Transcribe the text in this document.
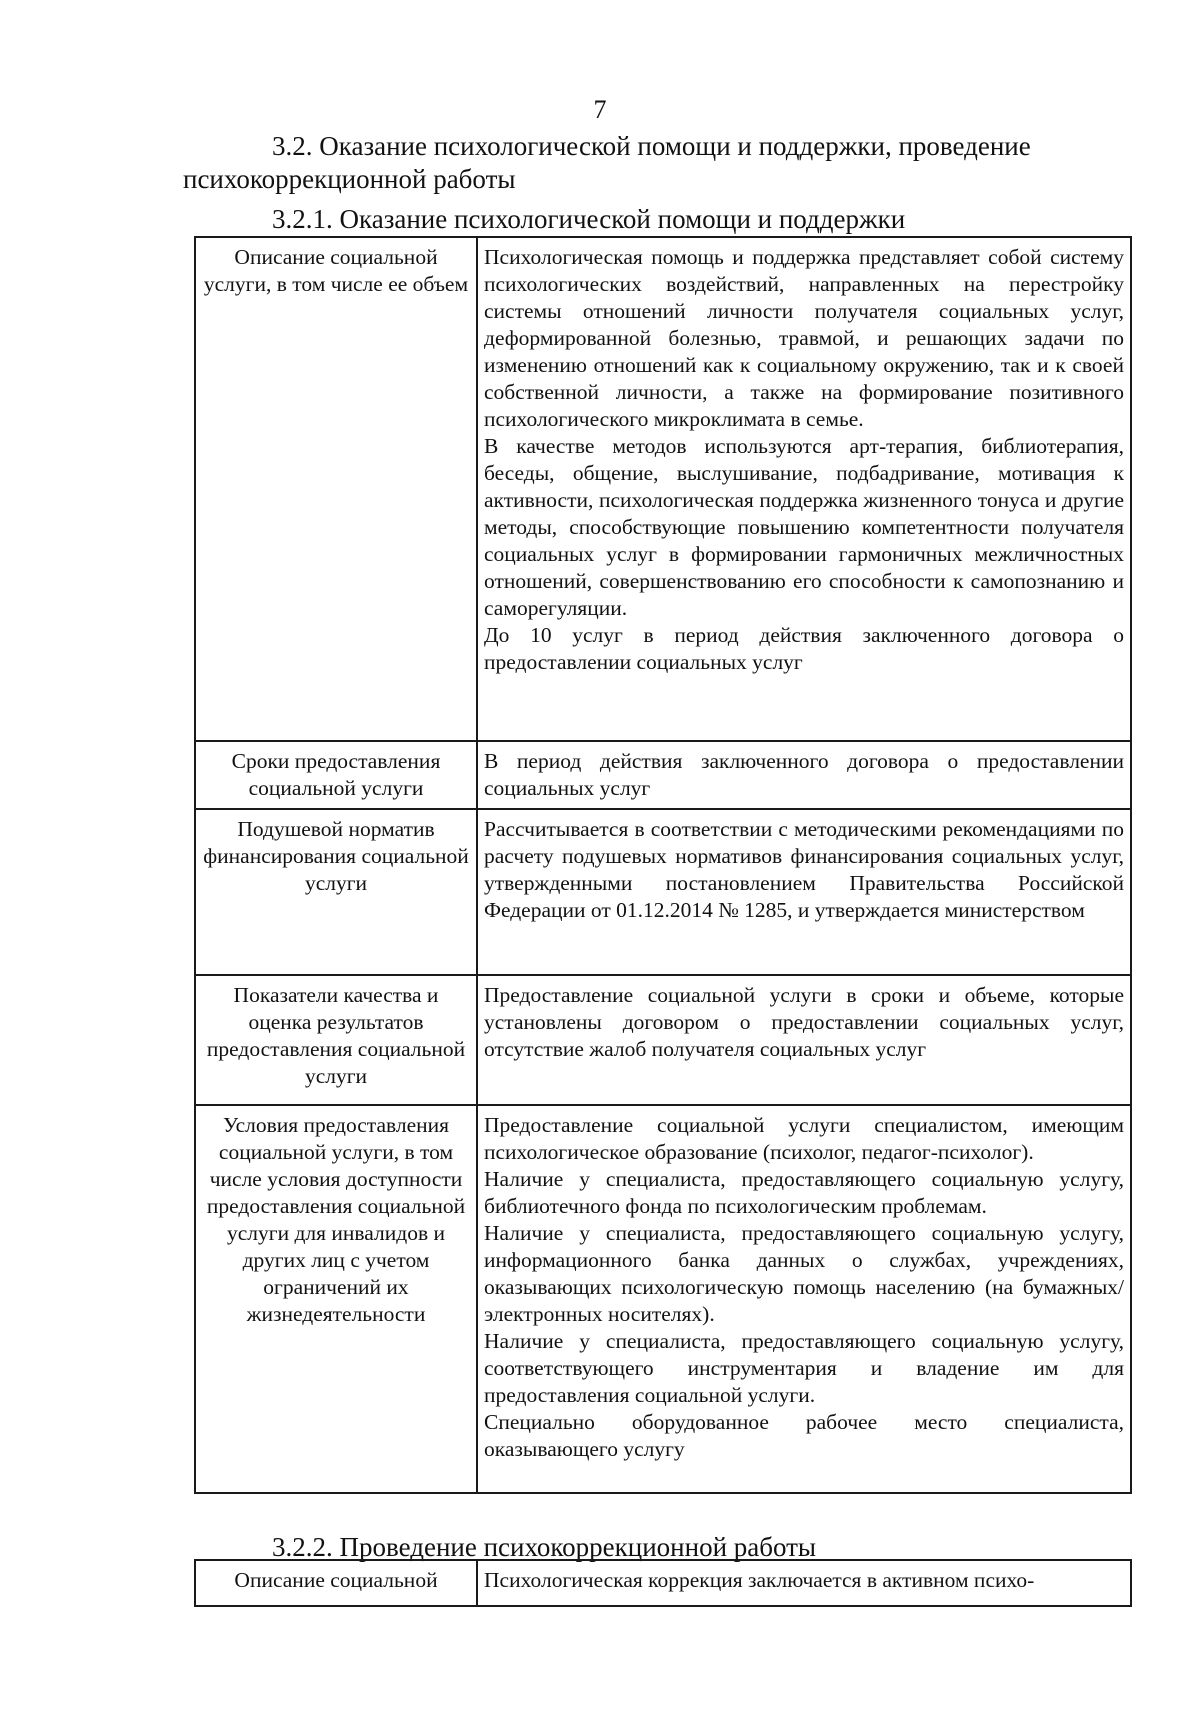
7
3.2. Оказание психологической помощи и поддержки, проведение психокоррекционной работы
3.2.1. Оказание психологической помощи и поддержки
Описание социальной услуги, в том числе ее объем	Психологическая помощь и поддержка представляет собой систему психологических воздействий, направленных на перестройку системы отношений личности получателя социальных услуг, деформированной болезнью, травмой, и решающих задачи по изменению отношений как к социальному окружению, так и к своей собственной личности, а также на формирование позитивного психологического микроклимата в семье.

В качестве методов используются арт-терапия, библиотерапия, беседы, общение, выслушивание, подбадривание, мотивация к активности, психологическая поддержка жизненного тонуса и другие методы, способствующие повышению компетентности получателя социальных услуг в формировании гармоничных межличностных отношений, совершенствованию его способности к самопознанию и саморегуляции.

До 10 услуг в период действия заключенного договора о предоставлении социальных услуг

Сроки предоставления социальной услуги	В период действия заключенного договора о предоставлении социальных услуг

Подушевой норматив финансирования социальной услуги	Рассчитывается в соответствии с методическими рекомендациями по расчету подушевых нормативов финансирования социальных услуг, утвержденными постановлением Правительства Российской Федерации от 01.12.2014 № 1285, и утверждается министерством

Показатели качества и оценка результатов предоставления социальной услуги	Предоставление социальной услуги в сроки и объеме, которые установлены договором о предоставлении социальных услуг, отсутствие жалоб получателя социальных услуг

Условия предоставления социальной услуги, в том числе условия доступности предоставления социальной услуги для инвалидов и других лиц с учетом ограничений их жизнедеятельности	Предоставление социальной услуги специалистом, имеющим психологическое образование (психолог, педагог-психолог).

Наличие у специалиста, предоставляющего социальную услугу, библиотечного фонда по психологическим проблемам.

Наличие у специалиста, предоставляющего социальную услугу, информационного банка данных о службах, учреждениях, оказывающих психологическую помощь населению (на бумажных/электронных носителях).

Наличие у специалиста, предоставляющего социальную услугу, соответствующего инструментария и владение им для предоставления социальной услуги.

Специально оборудованное рабочее место специалиста, оказывающего услугу

3.2.2. Проведение психокоррекционной работы
Описание социальной	Психологическая коррекция заключается в активном психо-
